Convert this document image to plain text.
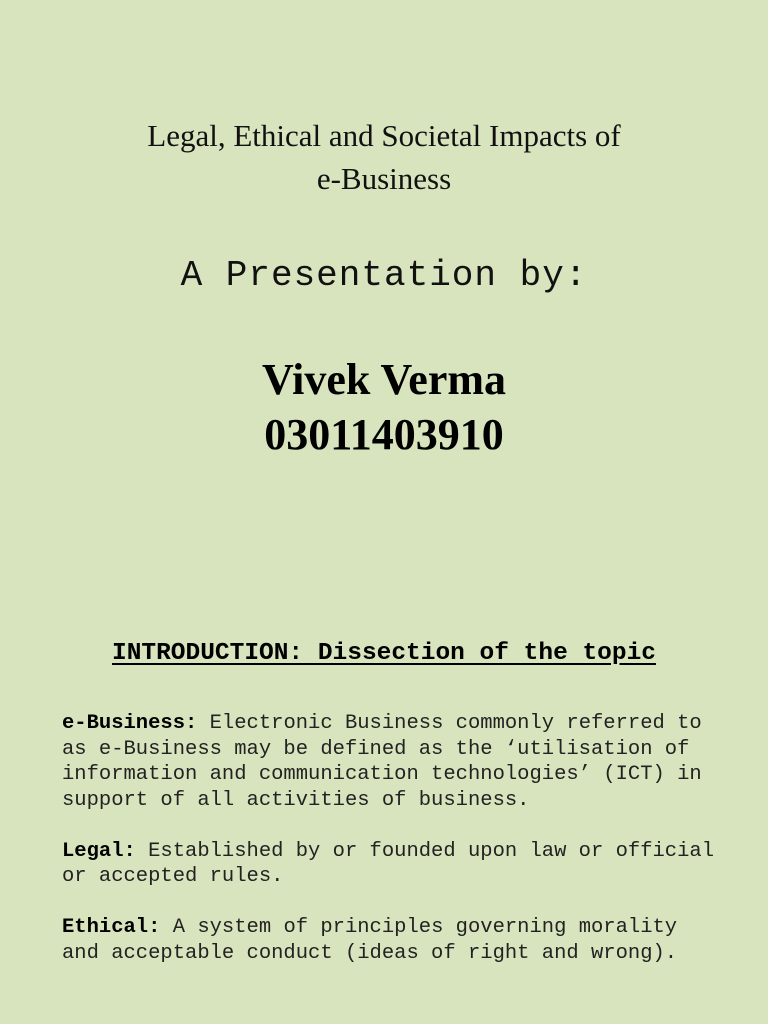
Legal, Ethical and Societal Impacts of
e-Business
A Presentation by:
Vivek Verma
03011403910
INTRODUCTION: Dissection of the topic

e-Business: Electronic Business commonly referred to as e-Business may be defined as the ‘utilisation of information and communication technologies’ (ICT) in support of all activities of business.

Legal: Established by or founded upon law or official or accepted rules.

Ethical: A system of principles governing morality and acceptable conduct (ideas of right and wrong).
